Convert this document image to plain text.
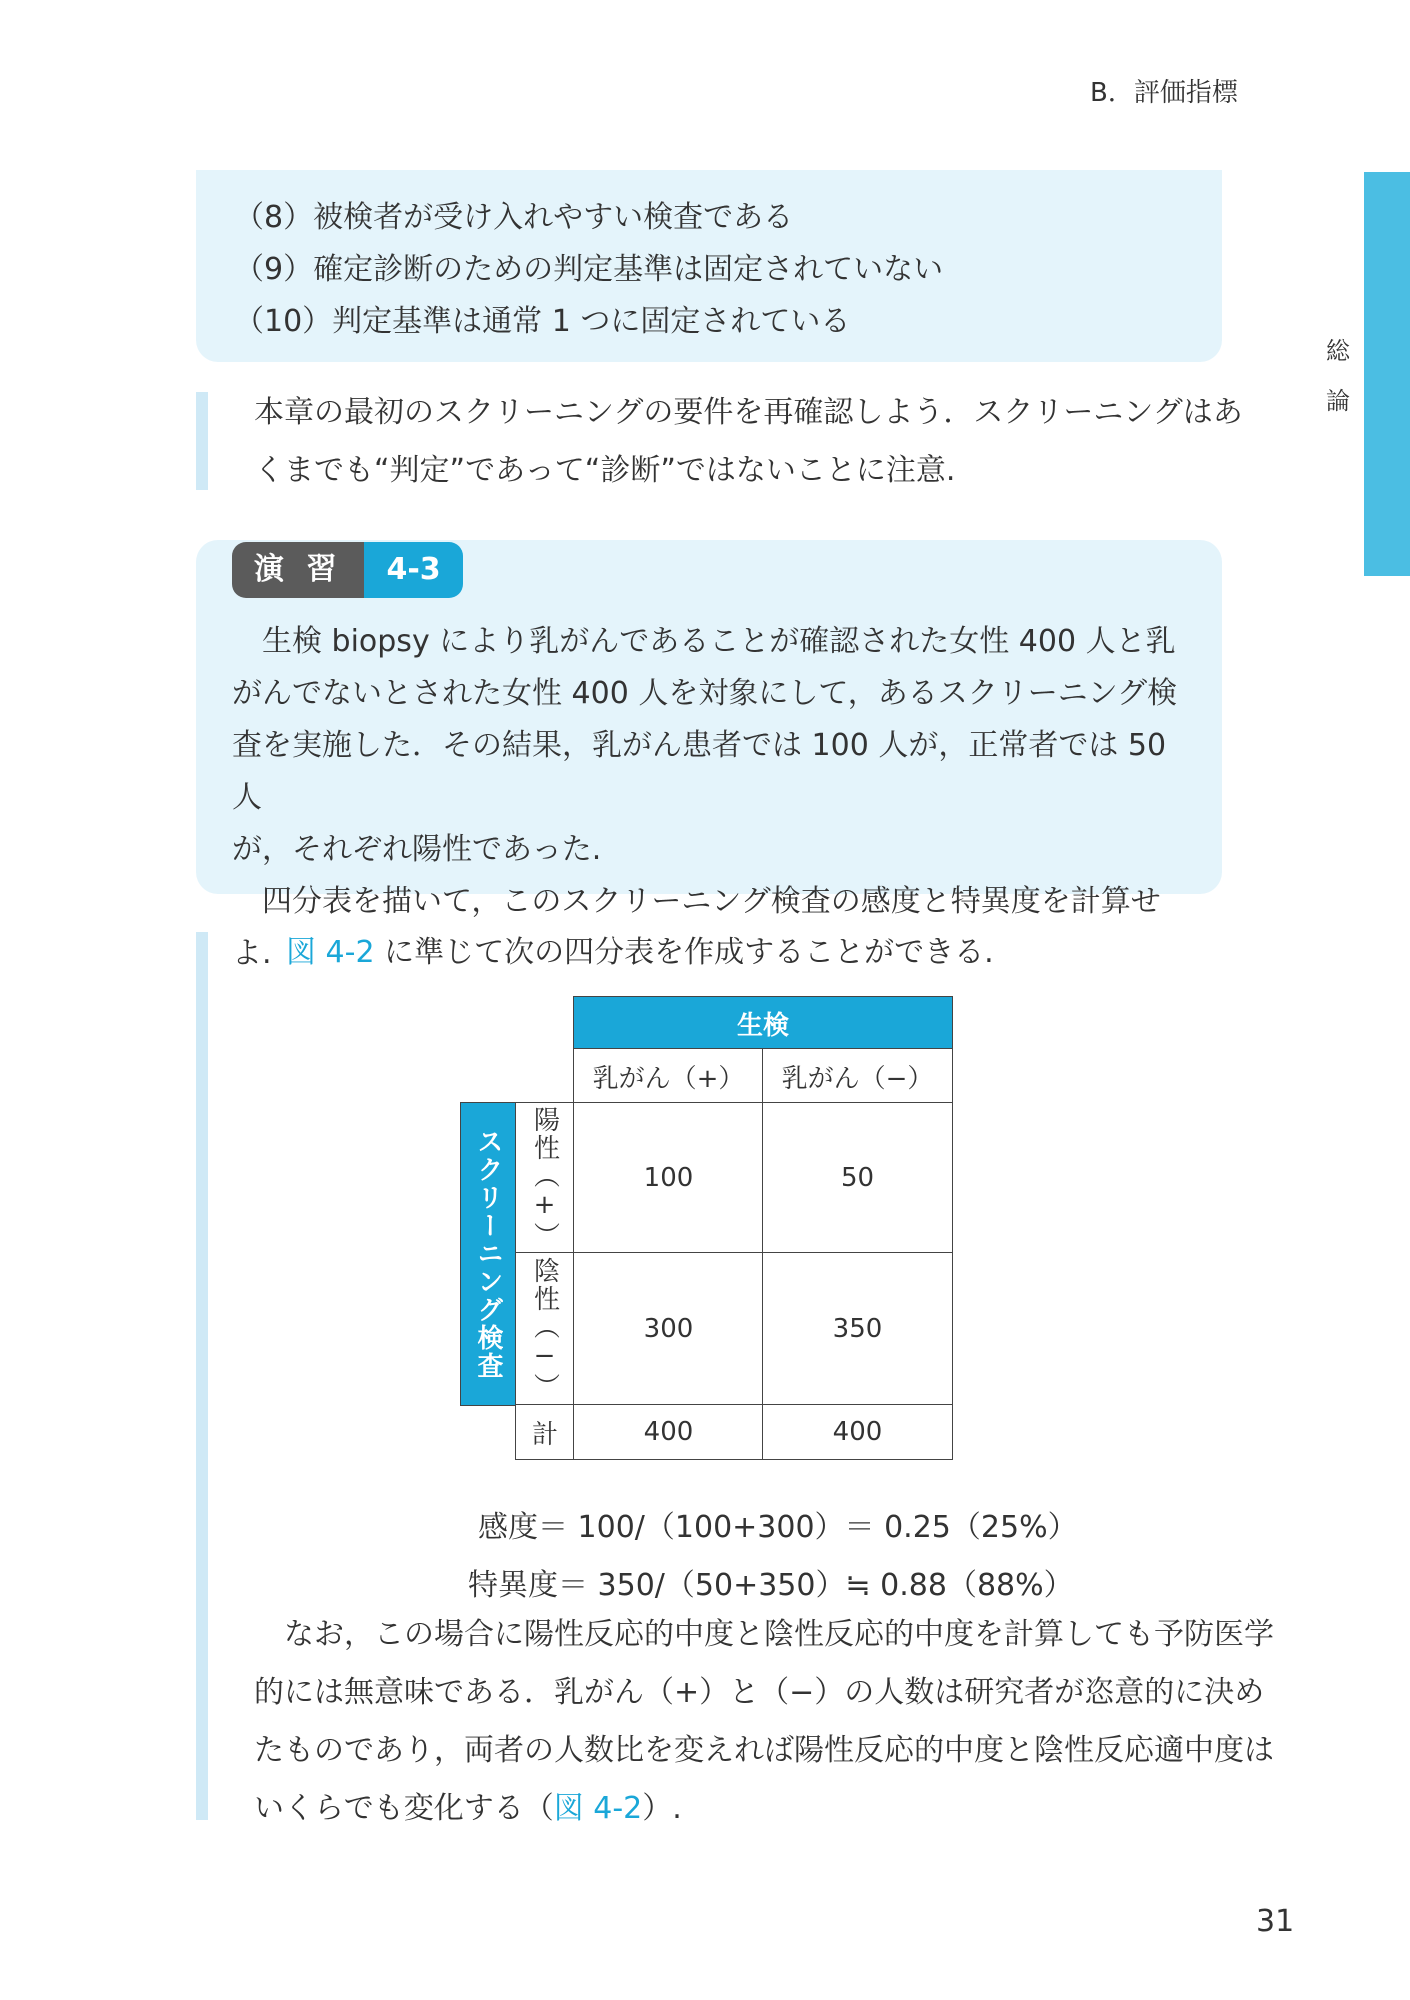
B．評価指標
総
論
（8）被検者が受け入れやすい検査である
（9）確定診断のための判定基準は固定されていない
（10）判定基準は通常 1 つに固定されている
本章の最初のスクリーニングの要件を再確認しよう．スクリーニングはあ
くまでも“判定”であって“診断”ではないことに注意.
演 習	4-3

生検 biopsy により乳がんであることが確認された女性 400 人と乳

がんでないとされた女性 400 人を対象にして，あるスクリーニング検

査を実施した．その結果，乳がん患者では 100 人が，正常者では 50 人

が，それぞれ陽性であった.

四分表を描いて，このスクリーニング検査の感度と特異度を計算せよ. 図 4-2 に準じて次の四分表を作成することができる.
生検
乳がん（+）	乳がん（−）
スクリーニング検査 陽性（+）	100	50
陰性（−）	300	350
計	400	400
感度＝ 100/（100+300）＝ 0.25（25%）
特異度＝ 350/（50+350）≒ 0.88（88%）
なお，この場合に陽性反応的中度と陰性反応的中度を計算しても予防医学
的には無意味である．乳がん（+）と（−）の人数は研究者が恣意的に決め
たものであり，両者の人数比を変えれば陽性反応的中度と陰性反応適中度は
いくらでも変化する（図 4-2）.
31
